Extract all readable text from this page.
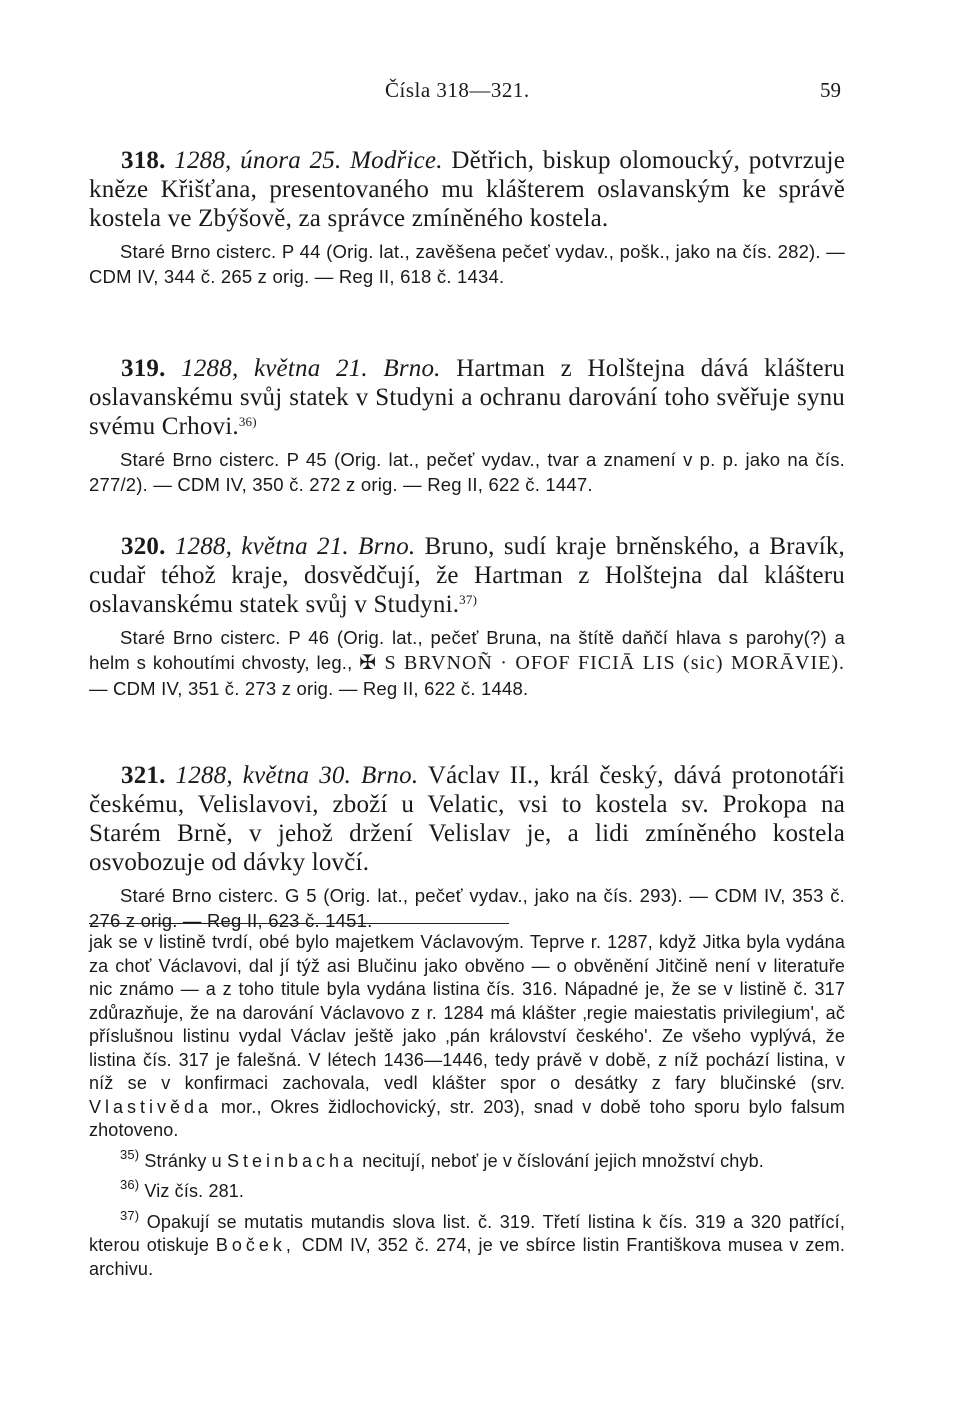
Čísla 318—321.	59
318. 1288, února 25. Modřice. Dětřich, biskup olomoucký, potvrzuje kněze Křišťana, presentovaného mu klášterem oslavanským ke správě kostela ve Zbýšově, za správce zmíněného kostela.
Staré Brno cisterc. P 44 (Orig. lat., zavěšena pečeť vydav., pošk., jako na čís. 282). — CDM IV, 344 č. 265 z orig. — Reg II, 618 č. 1434.
319. 1288, května 21. Brno. Hartman z Holštejna dává klášteru oslavanskému svůj statek v Studyni a ochranu darování toho svěřuje synu svému Crhovi.$^{36)}$
Staré Brno cisterc. P 45 (Orig. lat., pečeť vydav., tvar a znamení v p. p. jako na čís. 277/2). — CDM IV, 350 č. 272 z orig. — Reg II, 622 č. 1447.
320. 1288, května 21. Brno. Bruno, sudí kraje brněnského, a Bravík, cudař téhož kraje, dosvědčují, že Hartman z Holštejna dal klášteru oslavanskému statek svůj v Studyni.$^{37)}$
Staré Brno cisterc. P 46 (Orig. lat., pečeť Bruna, na štítě daňčí hlava s parohy(?) a helm s kohoutími chvosty, leg., ✠ S BRVNOÑ · OFOF FICIĀ LIS (sic) MORĀVIE). — CDM IV, 351 č. 273 z orig. — Reg II, 622 č. 1448.
321. 1288, května 30. Brno. Václav II., král český, dává protonotáři českému, Velislavovi, zboží u Velatic, vsi to kostela sv. Prokopa na Starém Brně, v jehož držení Velislav je, a lidi zmíněného kostela osvobozuje od dávky lovčí.
Staré Brno cisterc. G 5 (Orig. lat., pečeť vydav., jako na čís. 293). — CDM IV, 353 č. 276 z orig. — Reg II, 623 č. 1451.
jak se v listině tvrdí, obé bylo majetkem Václavovým. Teprve r. 1287, když Jitka byla vydána za choť Václavovi, dal jí týž asi Blučinu jako obvěno — o obvěnění Jitčině není v literatuře nic známo — a z toho titule byla vydána listina čís. 316. Nápadné je, že se v listině č. 317 zdůrazňuje, že na darování Václavovo z r. 1284 má klášter ‚regie maiestatis privilegium', ač příslušnou listinu vydal Václav ještě jako ‚pán království českého'. Ze všeho vyplývá, že listina čís. 317 je falešná. V létech 1436—1446, tedy právě v době, z níž pochází listina, v níž se v konfirmaci zachovala, vedl klášter spor o desátky z fary blučinské (srv. Vlastivěda mor., Okres židlochovický, str. 203), snad v době toho sporu bylo falsum zhotoveno.
$^{35)}$ Stránky u Steinbacha necitují, neboť je v číslování jejich množství chyb.
$^{36)}$ Viz čís. 281.
$^{37)}$ Opakují se mutatis mutandis slova list. č. 319. Třetí listina k čís. 319 a 320 patřící, kterou otiskuje Boček, CDM IV, 352 č. 274, je ve sbírce listin Františkova musea v zem. archivu.
